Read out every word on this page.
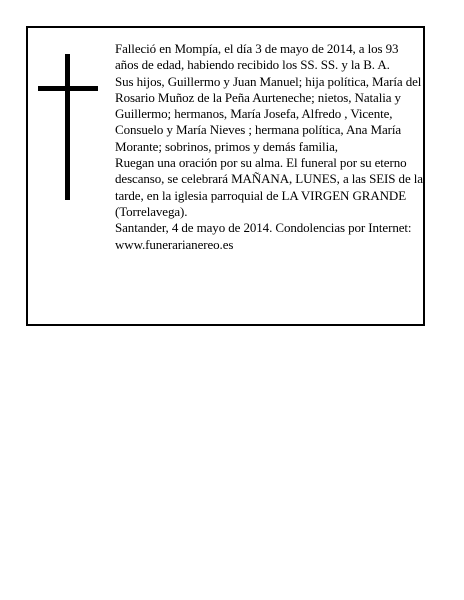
Falleció en Mompía, el día 3 de mayo de 2014, a los 93 años de edad, habiendo recibido los SS. SS. y la B. A.
Sus hijos, Guillermo y Juan Manuel; hija política, María del Rosario Muñoz de la Peña Aurteneche; nietos, Natalia y Guillermo; hermanos, María Josefa, Alfredo , Vicente, Consuelo y María Nieves ; hermana política, Ana María Morante; sobrinos, primos y demás familia,
Ruegan una oración por su alma. El funeral por su eterno descanso, se celebrará MAÑANA, LUNES, a las SEIS de la tarde, en la iglesia parroquial de LA VIRGEN GRANDE (Torrelavega).
Santander, 4 de mayo de 2014. Condolencias por Internet: www.funerarianereo.es
